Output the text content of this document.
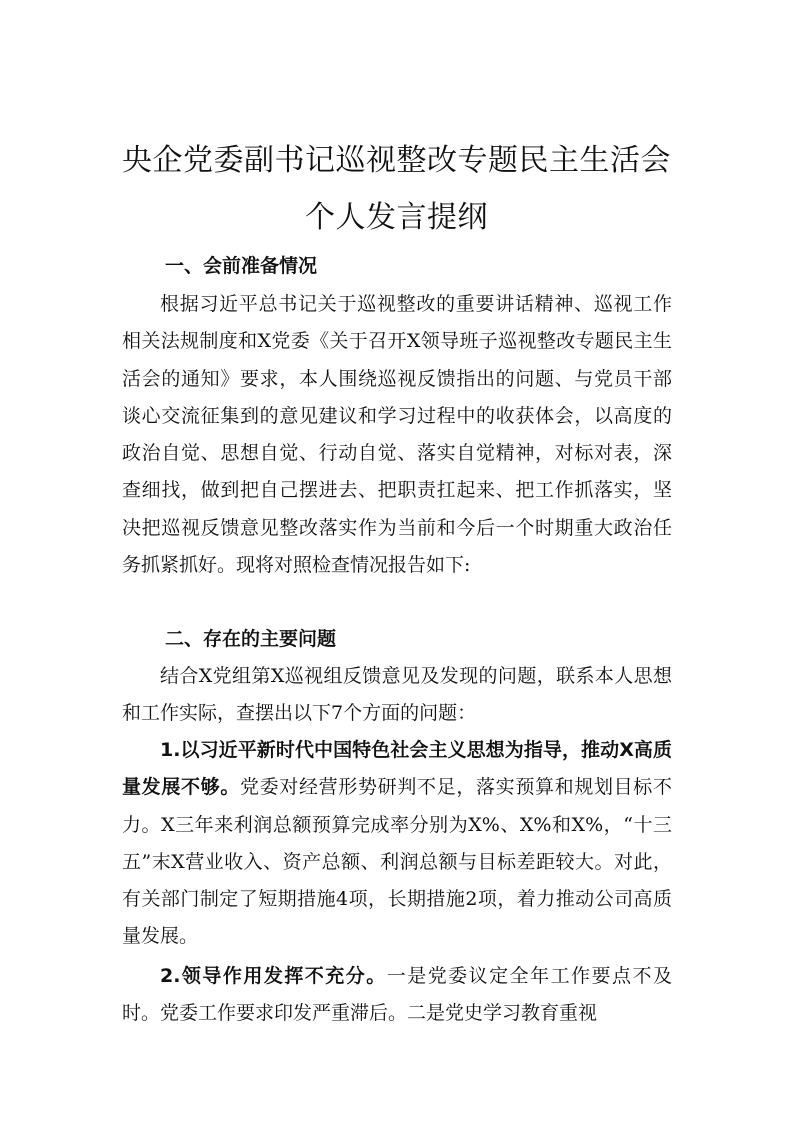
央企党委副书记巡视整改专题民主生活会
个人发言提纲
一、会前准备情况

根据习近平总书记关于巡视整改的重要讲话精神、巡视工作相关法规制度和X党委《关于召开X领导班子巡视整改专题民主生活会的通知》要求，本人围绕巡视反馈指出的问题、与党员干部谈心交流征集到的意见建议和学习过程中的收获体会，以高度的政治自觉、思想自觉、行动自觉、落实自觉精神，对标对表，深查细找，做到把自己摆进去、把职责扛起来、把工作抓落实，坚决把巡视反馈意见整改落实作为当前和今后一个时期重大政治任务抓紧抓好。现将对照检查情况报告如下:

二、存在的主要问题

结合X党组第X巡视组反馈意见及发现的问题，联系本人思想和工作实际，查摆出以下7个方面的问题：

1.以习近平新时代中国特色社会主义思想为指导，推动X高质量发展不够。党委对经营形势研判不足，落实预算和规划目标不力。X三年来利润总额预算完成率分别为X%、X%和X%，“十三五”末X营业收入、资产总额、利润总额与目标差距较大。对此，有关部门制定了短期措施4项，长期措施2项，着力推动公司高质量发展。

2.领导作用发挥不充分。一是党委议定全年工作要点不及时。党委工作要求印发严重滞后。二是党史学习教育重视
